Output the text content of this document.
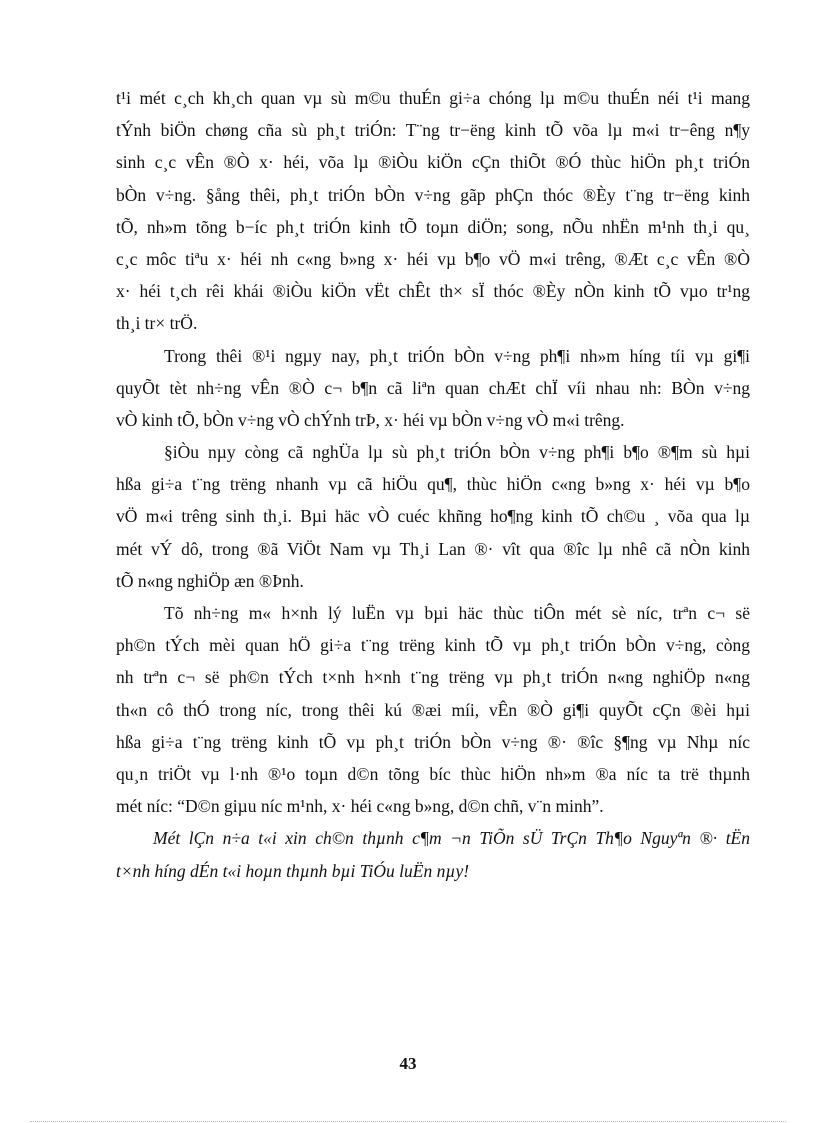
t¹i mét c¸ch kh¸ch quan vµ sù m©u thuÉn gi÷a chóng lµ m©u thuÉn néi t¹i mang
tÝnh biÖn chøng cña sù ph¸t triÓn: T¨ng tr−ëng kinh tÕ võa lµ m«i tr−êng n¶y
sinh c¸c vÊn ®Ò x· héi, võa lµ ®iÒu kiÖn cÇn thiÕt ®Ó thùc hiÖn ph¸t triÓn
bÒn v÷ng. §ång thêi, ph¸t triÓn bÒn v÷ng gãp phÇn thóc ®Èy t¨ng tr−ëng kinh
tÕ, nh»m tõng b−íc ph¸t triÓn kinh tÕ toµn diÖn; song, nÕu nhËn m¹nh th¸i qu¸
c¸c môc tiªu x· héi nh c«ng b»ng x· héi vµ b¶o vÖ m«i trêng, ®Æt c¸c vÊn ®Ò
x· héi t¸ch rêi khái ®iÒu kiÖn vËt chÊt th× sÏ thóc ®Èy nÒn kinh tÕ vµo tr¹ng
th¸i tr× trÖ.
Trong thêi ®¹i ngµy nay, ph¸t triÓn bÒn v÷ng ph¶i nh»m híng tíi vµ gi¶i
quyÕt tèt nh÷ng vÊn ®Ò c¬ b¶n cã liªn quan chÆt chÏ víi nhau nh: BÒn v÷ng
vÒ kinh tÕ, bÒn v÷ng vÒ chÝnh trÞ, x· héi vµ bÒn v÷ng vÒ m«i trêng.
§iÒu nµy còng cã nghÜa lµ sù ph¸t triÓn bÒn v÷ng ph¶i b¶o ®¶m sù hµi
hßa gi÷a t¨ng trëng nhanh vµ cã hiÖu qu¶, thùc hiÖn c«ng b»ng x· héi vµ b¶o
vÖ m«i trêng sinh th¸i. Bµi häc vÒ cuéc khñng ho¶ng kinh tÕ ch©u ¸ võa qua lµ
mét vÝ dô, trong ®ã ViÖt Nam vµ Th¸i Lan ®· vît qua ®îc lµ nhê cã nÒn kinh
tÕ n«ng nghiÖp æn ®Þnh.
Tõ nh÷ng m« h×nh lý luËn vµ bµi häc thùc tiÔn mét sè níc, trªn c¬ së
ph©n tÝch mèi quan hÖ gi÷a t¨ng trëng kinh tÕ vµ ph¸t triÓn bÒn v÷ng, còng
nh trªn c¬ së ph©n tÝch t×nh h×nh t¨ng trëng vµ ph¸t triÓn n«ng nghiÖp n«ng
th«n cô thÓ trong níc, trong thêi kú ®æi míi, vÊn ®Ò gi¶i quyÕt cÇn ®èi hµi
hßa gi÷a t¨ng trëng kinh tÕ vµ ph¸t triÓn bÒn v÷ng ®· ®îc §¶ng vµ Nhµ níc
qu¸n triÖt vµ l·nh ®¹o toµn d©n tõng bíc thùc hiÖn nh»m ®a níc ta trë thµnh
mét níc: “D©n giµu níc m¹nh, x· héi c«ng b»ng, d©n chñ, v¨n minh”.
Mét lÇn n÷a t«i xin ch©n thµnh c¶m ¬n TiÕn sÜ TrÇn Th¶o Nguyªn ®· tËn
t×nh híng dÉn t«i hoµn thµnh bµi TiÓu luËn nµy!
43
